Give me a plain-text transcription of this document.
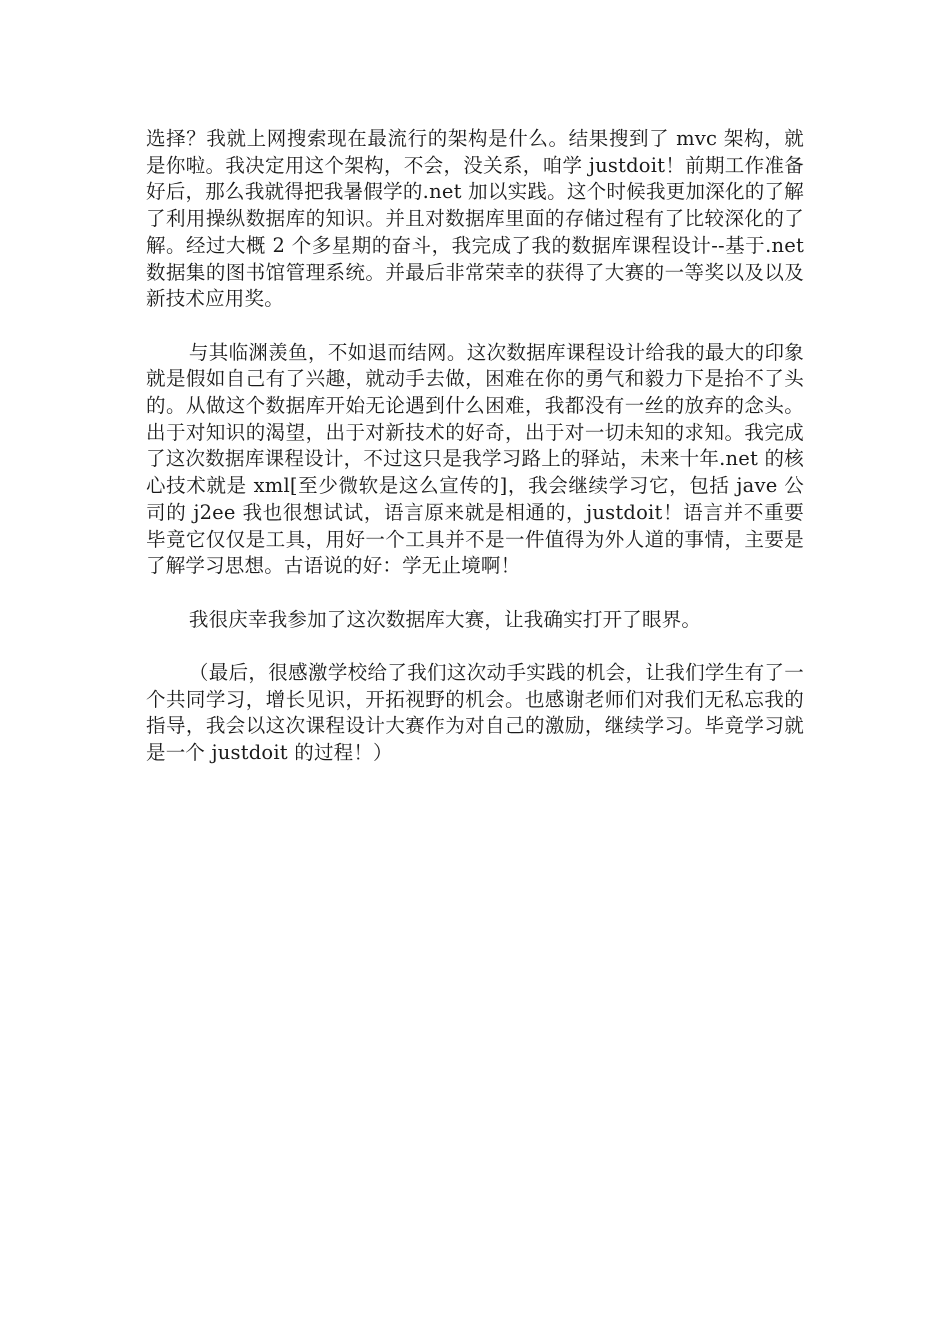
选择？我就上网搜索现在最流行的架构是什么。结果搜到了 mvc 架构，就是你啦。我决定用这个架构，不会，没关系，咱学 justdoit！前期工作准备好后，那么我就得把我暑假学的.net 加以实践。这个时候我更加深化的了解了利用操纵数据库的知识。并且对数据库里面的存储过程有了比较深化的了解。经过大概 2 个多星期的奋斗，我完成了我的数据库课程设计--基于.net 数据集的图书馆管理系统。并最后非常荣幸的获得了大赛的一等奖以及以及新技术应用奖。

与其临渊羡鱼，不如退而结网。这次数据库课程设计给我的最大的印象就是假如自己有了兴趣，就动手去做，困难在你的勇气和毅力下是抬不了头的。从做这个数据库开始无论遇到什么困难，我都没有一丝的放弃的念头。出于对知识的渴望，出于对新技术的好奇，出于对一切未知的求知。我完成了这次数据库课程设计，不过这只是我学习路上的驿站，未来十年.net 的核心技术就是 xml[至少微软是这么宣传的]，我会继续学习它，包括 jave 公司的 j2ee 我也很想试试，语言原来就是相通的，justdoit！语言并不重要毕竟它仅仅是工具，用好一个工具并不是一件值得为外人道的事情，主要是了解学习思想。古语说的好：学无止境啊！

我很庆幸我参加了这次数据库大赛，让我确实打开了眼界。

（最后，很感激学校给了我们这次动手实践的机会，让我们学生有了一个共同学习，增长见识，开拓视野的机会。也感谢老师们对我们无私忘我的指导，我会以这次课程设计大赛作为对自己的激励，继续学习。毕竟学习就是一个 justdoit 的过程！）
